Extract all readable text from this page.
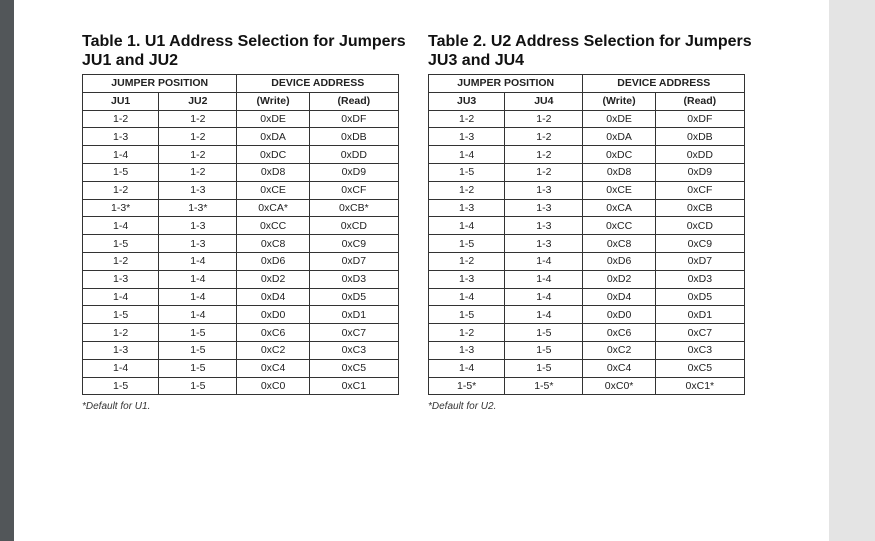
Table 1. U1 Address Selection for Jumpers JU1 and JU2
JUMPER POSITION		DEVICE ADDRESS	
JU1	JU2	(Write)	(Read)
1-2	1-2	0xDE	0xDF
1-3	1-2	0xDA	0xDB
1-4	1-2	0xDC	0xDD
1-5	1-2	0xD8	0xD9
1-2	1-3	0xCE	0xCF
1-3*	1-3*	0xCA*	0xCB*
1-4	1-3	0xCC	0xCD
1-5	1-3	0xC8	0xC9
1-2	1-4	0xD6	0xD7
1-3	1-4	0xD2	0xD3
1-4	1-4	0xD4	0xD5
1-5	1-4	0xD0	0xD1
1-2	1-5	0xC6	0xC7
1-3	1-5	0xC2	0xC3
1-4	1-5	0xC4	0xC5
1-5	1-5	0xC0	0xC1
*Default for U1.
Table 2. U2 Address Selection for Jumpers JU3 and JU4
JUMPER POSITION		DEVICE ADDRESS	
JU3	JU4	(Write)	(Read)
1-2	1-2	0xDE	0xDF
1-3	1-2	0xDA	0xDB
1-4	1-2	0xDC	0xDD
1-5	1-2	0xD8	0xD9
1-2	1-3	0xCE	0xCF
1-3	1-3	0xCA	0xCB
1-4	1-3	0xCC	0xCD
1-5	1-3	0xC8	0xC9
1-2	1-4	0xD6	0xD7
1-3	1-4	0xD2	0xD3
1-4	1-4	0xD4	0xD5
1-5	1-4	0xD0	0xD1
1-2	1-5	0xC6	0xC7
1-3	1-5	0xC2	0xC3
1-4	1-5	0xC4	0xC5
1-5*	1-5*	0xC0*	0xC1*
*Default for U2.
